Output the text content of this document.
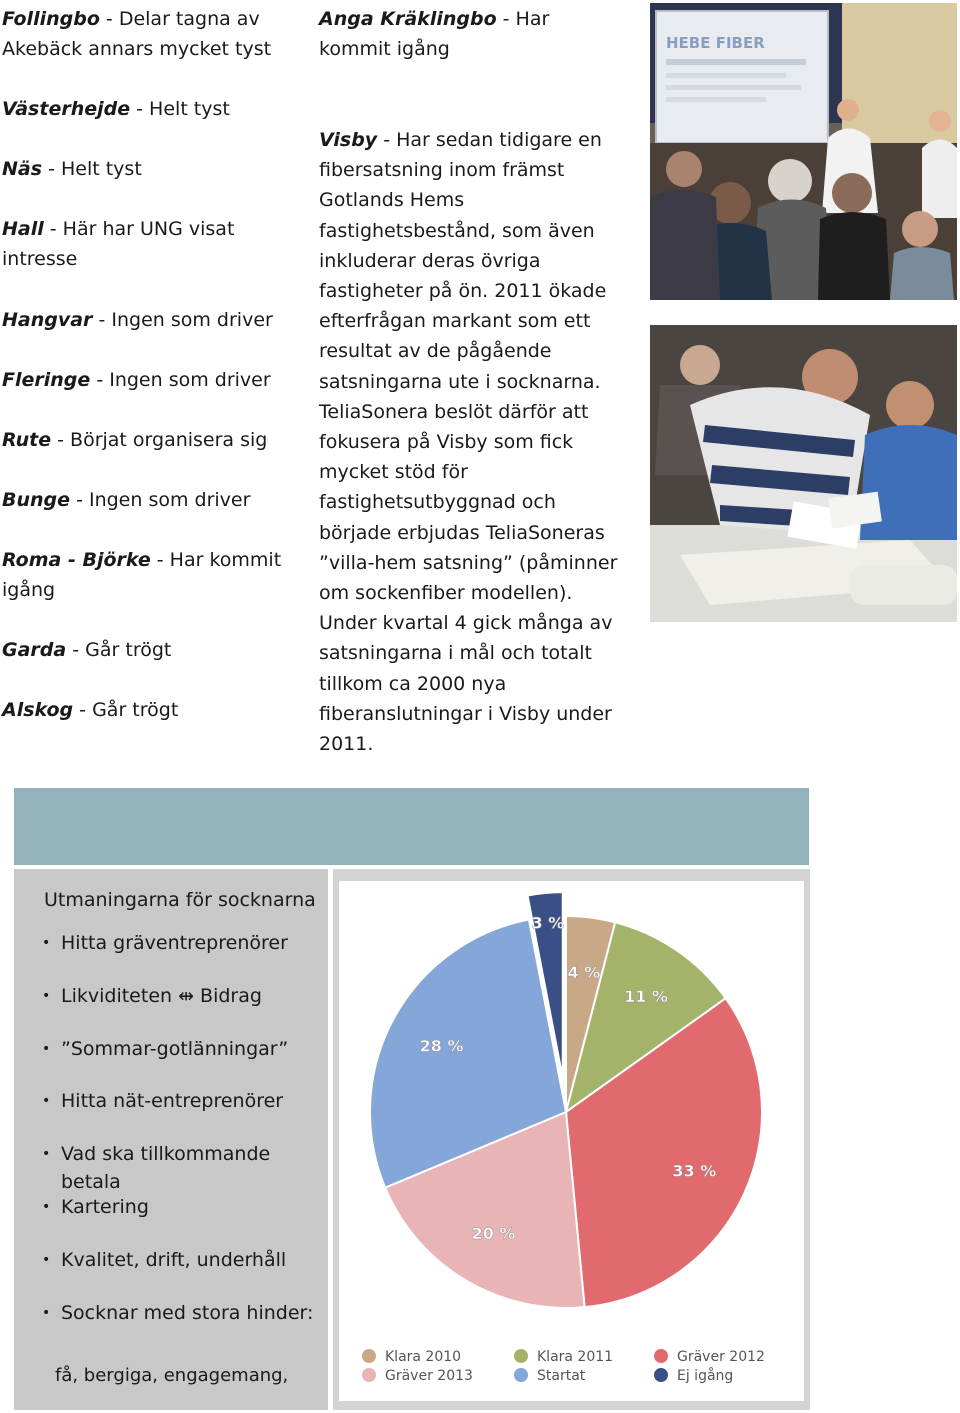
Follingbo - Delar tagna av Akebäck annars mycket tyst

Västerhejde - Helt tyst

Näs - Helt tyst

Hall - Här har UNG visat intresse

Hangvar - Ingen som driver

Fleringe - Ingen som driver

Rute - Börjat organisera sig

Bunge - Ingen som driver

Roma - Björke - Har kommit igång

Garda - Går trögt

Alskog - Går trögt

Anga Kräklingbo - Har kommit igång

Visby - Har sedan tidigare en fibersatsning inom främst Gotlands Hems fastighetsbestånd, som även inkluderar deras övriga fastigheter på ön. 2011 ökade efterfrågan markant som ett resultat av de pågående satsningarna ute i socknarna. TeliaSonera beslöt därför att fokusera på Visby som fick mycket stöd för fastighetsutbyggnad och började erbjudas TeliaSoneras ”villa-hem satsning” (påminner om sockenfiber modellen). Under kvartal 4 gick många av satsningarna i mål och totalt tillkom ca 2000 nya fiberanslutningar i Visby under 2011.

HEBE FIBER
Utmaningarna för socknarna
• Hitta gräventreprenörer
• Likviditeten ⇹ Bidrag
• ”Sommar-gotlänningar”
• Hitta nät-entreprenörer
• Vad ska tillkommande betala
• Kartering
• Kvalitet, drift, underhåll
• Socknar med stora hinder:
få, bergiga, engagemang,
4 %
11 %
33 %
20 %
28 %
3 %
Klara 2010
Gräver 2013
Klara 2011
Startat
Gräver 2012
Ej igång
